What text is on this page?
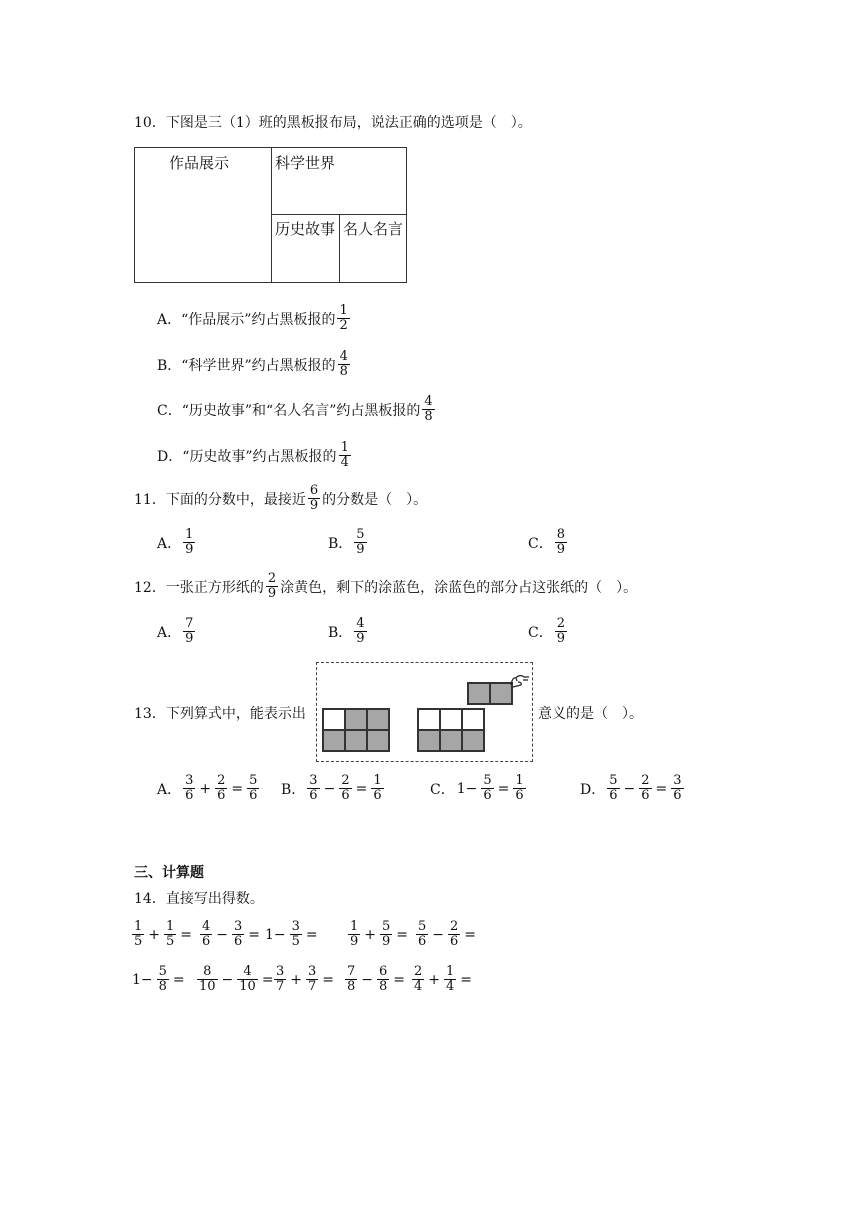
10．下图是三（1）班的黑板报布局，说法正确的选项是（　）。
作品展示	科学世界
历史故事 名人名言
A． “作品展示”约占黑板报的 $\frac{1}{2}$
B． “科学世界”约占黑板报的 $\frac{4}{8}$
C． “历史故事”和“名人名言”约占黑板报的 $\frac{4}{8}$
D． “历史故事”约占黑板报的 $\frac{1}{4}$
11．下面的分数中，最接近 $\frac{6}{9}$ 的分数是（　）。
A． $\frac{1}{9}$	B． $\frac{5}{9}$	C． $\frac{8}{9}$
12．一张正方形纸的 $\frac{2}{9}$ 涂黄色，剩下的涂蓝色，涂蓝色的部分占这张纸的（　）。
A． $\frac{7}{9}$	B． $\frac{4}{9}$	C． $\frac{2}{9}$
13．下列算式中，能表示出	意义的是（　）。
A． $\frac{3}{6} + \frac{2}{6} = \frac{5}{6}$ B． $\frac{3}{6} - \frac{2}{6} = \frac{1}{6}$	C． $1- \frac{5}{6} = \frac{1}{6}$	D． $\frac{5}{6} - \frac{2}{6} = \frac{3}{6}$
三、计算题
14．直接写出得数。
$\frac{1}{5} + \frac{1}{5} = \frac{4}{6} - \frac{3}{6} = 1- \frac{3}{5} = \frac{1}{9} + \frac{5}{9} = \frac{5}{6} - \frac{2}{6}$ =
$1- \frac{5}{8} = \frac{8}{10} - \frac{4}{10} = \frac{3}{7} + \frac{3}{7} = \frac{7}{8} - \frac{6}{8} = \frac{2}{4} + \frac{1}{4}$ =
